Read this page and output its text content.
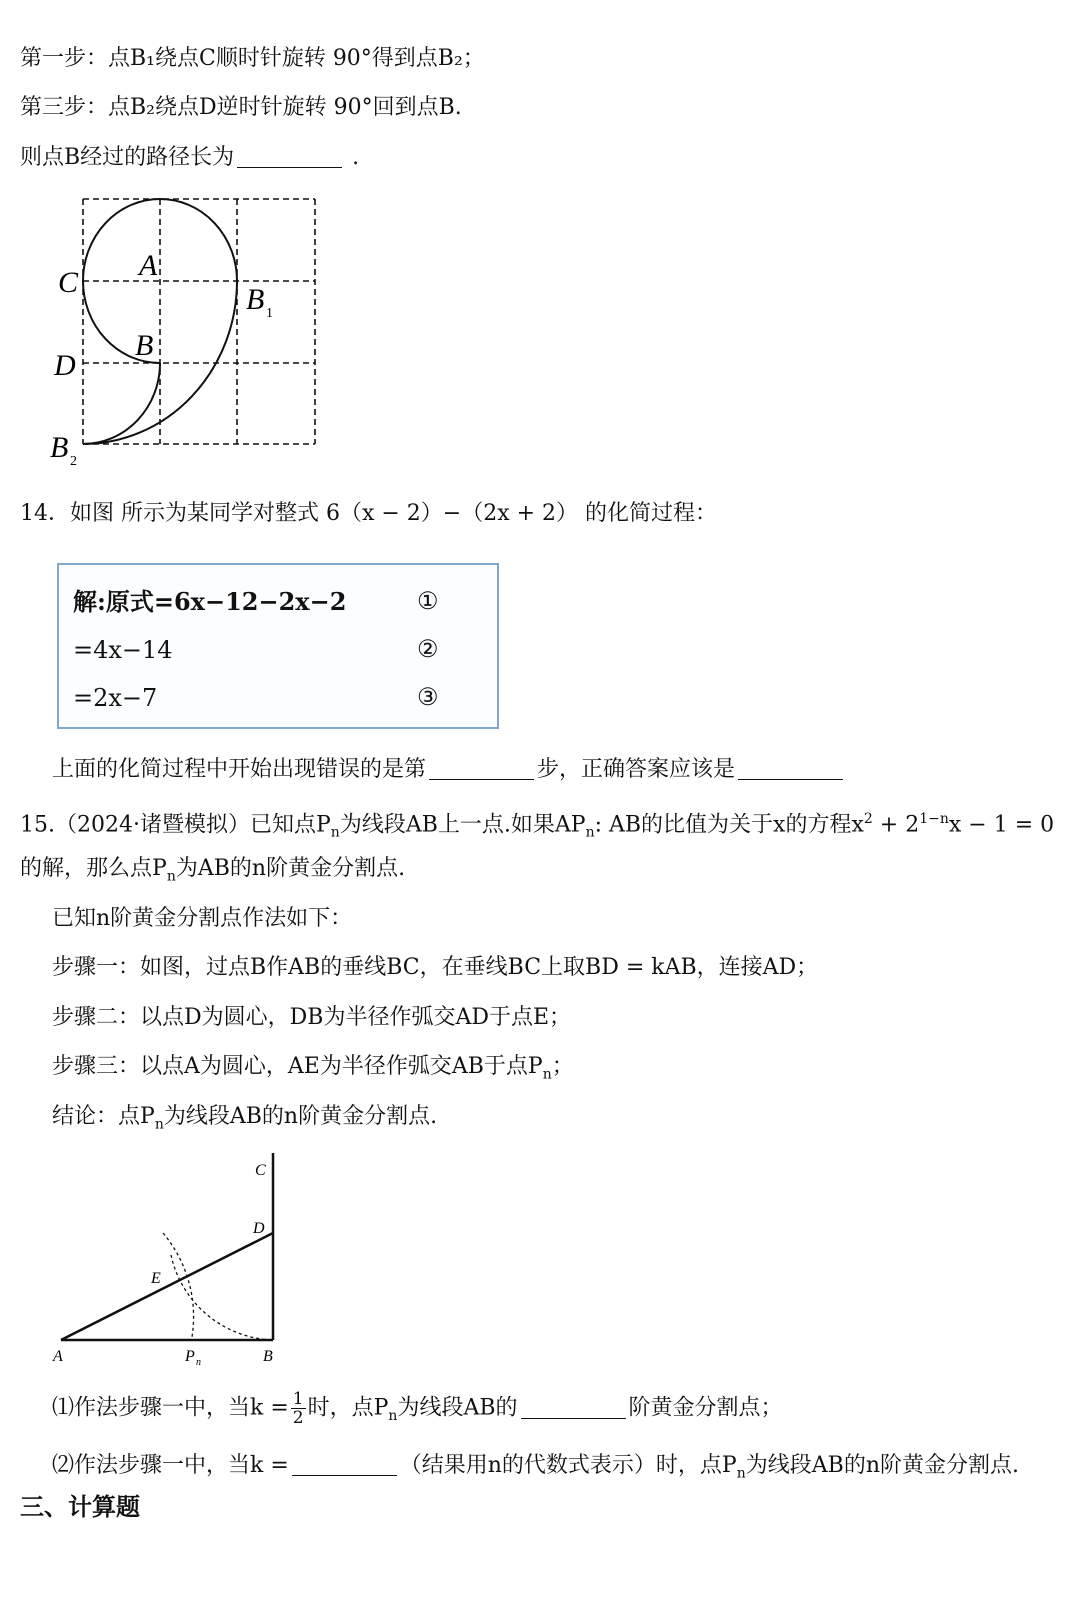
第一步：点B₁绕点C顺时针旋转 90°得到点B₂；
第三步：点B₂绕点D逆时针旋转 90°回到点B.
则点B经过的路径长为	.
A
B
B 1
C
D
B 2
14．如图 所示为某同学对整式 6（x − 2）−（2x + 2） 的化简过程：
解:原式=6x−12−2x−2	①
=4x−14	②
=2x−7	③
上面的化简过程中开始出现错误的是第	步，正确答案应该是
15.（2024·诸暨模拟）已知点$P_n$为线段AB上一点.如果$AP_n$: AB的比值为关于x的方程$x^2 + 2^{1-n}x - 1 = 0$
的解，那么点$P_n$为AB的n阶黄金分割点.
已知n阶黄金分割点作法如下：
步骤一：如图，过点B作AB的垂线BC，在垂线BC上取BD = kAB，连接AD；
步骤二：以点D为圆心，DB为半径作弧交AD于点E；
步骤三：以点A为圆心，AE为半径作弧交AB于点$P_n$；
结论：点$P_n$为线段AB的n阶黄金分割点.
A	B
C
D
E
P n
⑴作法步骤一中，当$k = \frac{1}{2}$ 时，点$P_n$为线段AB的	阶黄金分割点；
⑵作法步骤一中，当k =	（结果用n的代数式表示）时，点$P_n$为线段AB的n阶黄金分割点.
三、计算题
